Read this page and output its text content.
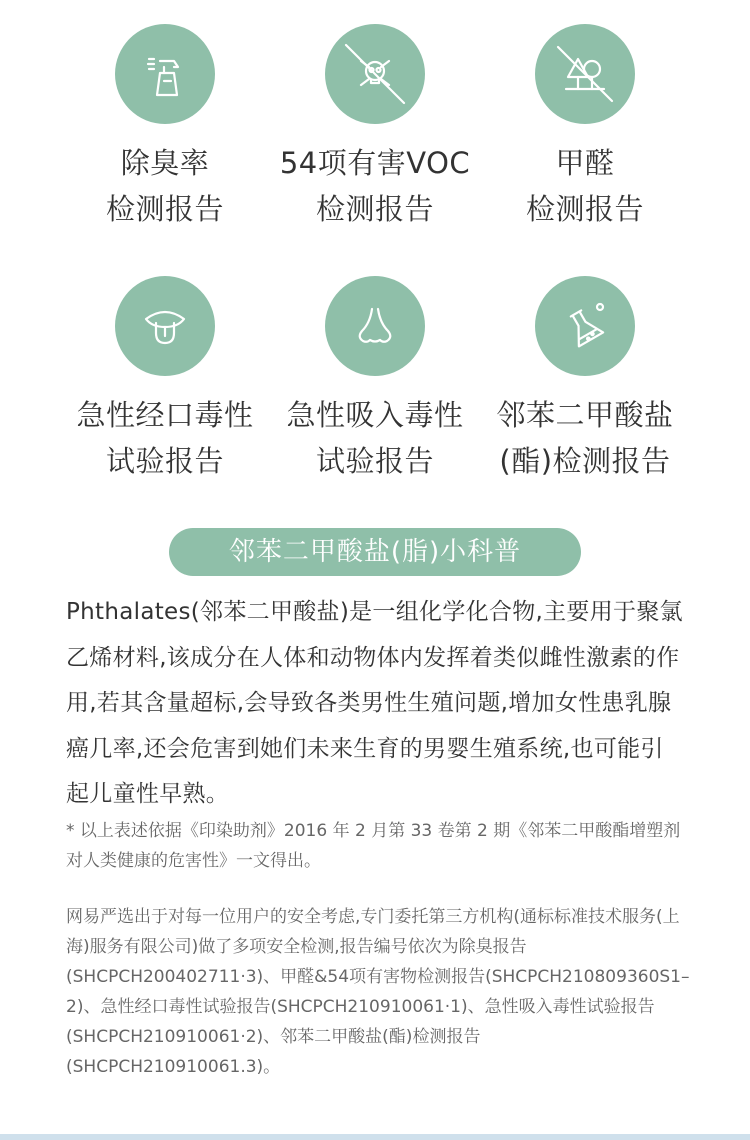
除臭率
检测报告
54项有害VOC
检测报告
甲醛
检测报告
急性经口毒性
试验报告
急性吸入毒性
试验报告
邻苯二甲酸盐
(酯)检测报告
邻苯二甲酸盐(脂)小科普
Phthalates(邻苯二甲酸盐)是一组化学化合物,主要用于聚氯乙烯材料,该成分在人体和动物体内发挥着类似雌性激素的作用,若其含量超标,会导致各类男性生殖问题,增加女性患乳腺癌几率,还会危害到她们未来生育的男婴生殖系统,也可能引起儿童性早熟。
* 以上表述依据《印染助剂》2016 年 2 月第 33 卷第 2 期《邻苯二甲酸酯增塑剂对人类健康的危害性》一文得出。
网易严选出于对每一位用户的安全考虑,专门委托第三方机构(通标标准技术服务(上海)服务有限公司)做了多项安全检测,报告编号依次为除臭报告(SHCPCH200402711·3)、甲醛&54项有害物检测报告(SHCPCH210809360S1–2)、急性经口毒性试验报告(SHCPCH210910061·1)、急性吸入毒性试验报告(SHCPCH210910061·2)、邻苯二甲酸盐(酯)检测报告(SHCPCH210910061.3)。
